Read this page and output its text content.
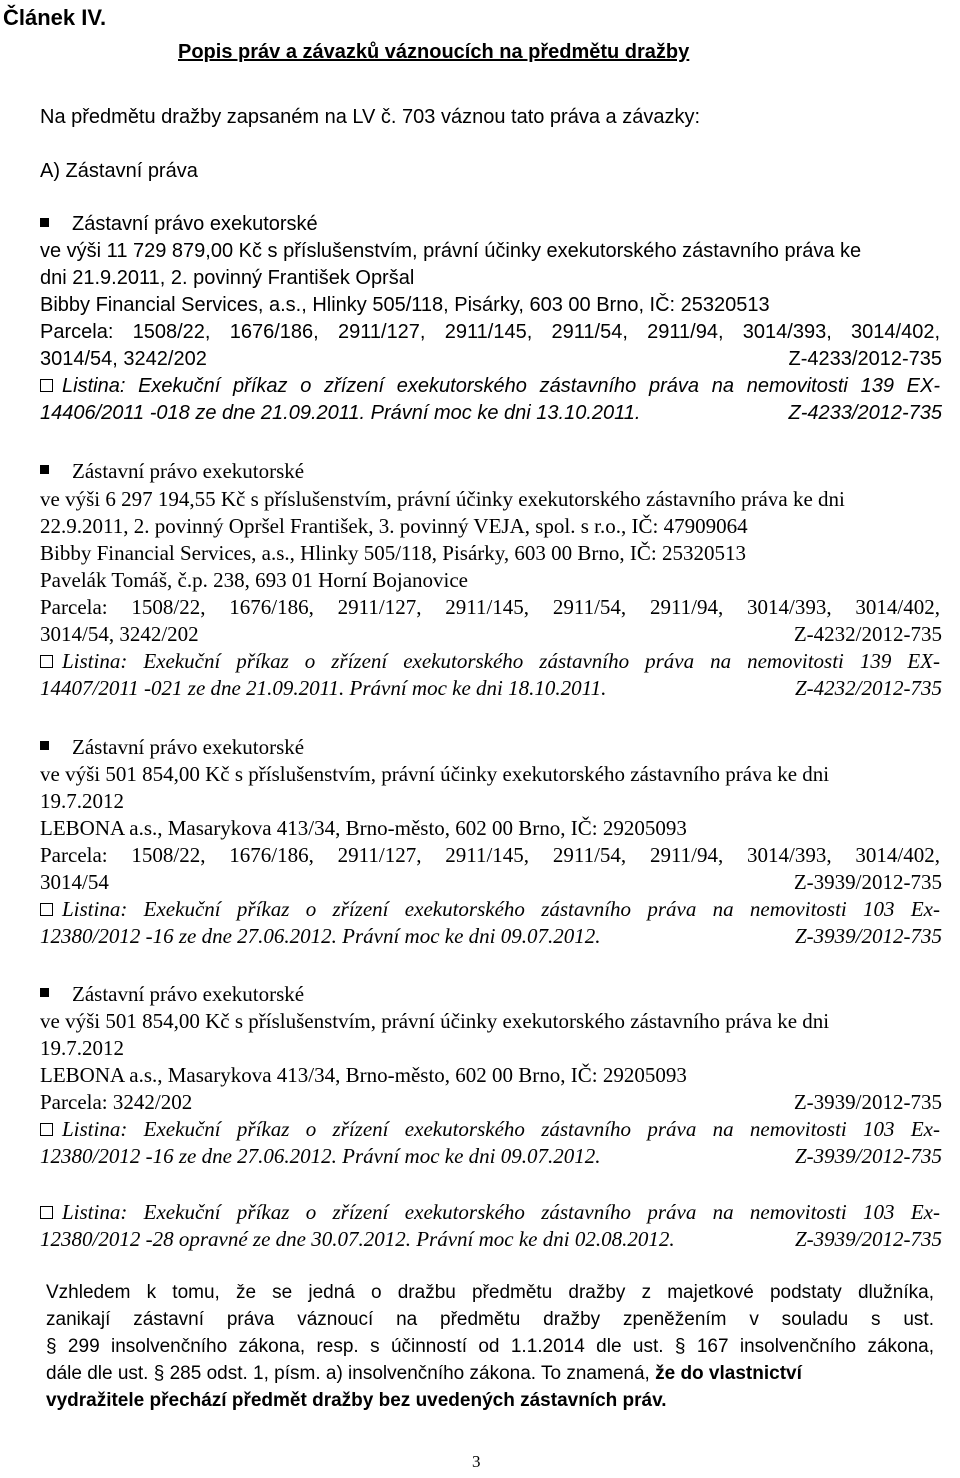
Článek IV.
Popis práv a závazků váznoucích na předmětu dražby
Na předmětu dražby zapsaném na LV č. 703 váznou tato práva a závazky:
A) Zástavní práva
Zástavní právo exekutorské
ve výši 11 729 879,00 Kč s příslušenstvím, právní účinky exekutorského zástavního práva ke
dni 21.9.2011, 2. povinný František Opršal
Bibby Financial Services, a.s., Hlinky 505/118, Pisárky, 603 00 Brno, IČ: 25320513
Parcela: 1508/22, 1676/186, 2911/127, 2911/145, 2911/54, 2911/94, 3014/393, 3014/402,
3014/54, 3242/202	Z-4233/2012-735
Listina: Exekuční příkaz o zřízení exekutorského zástavního práva na nemovitosti 139 EX-
14406/2011 -018 ze dne 21.09.2011. Právní moc ke dni 13.10.2011.	Z-4233/2012-735
Zástavní právo exekutorské
ve výši 6 297 194,55 Kč s příslušenstvím, právní účinky exekutorského zástavního práva ke dni
22.9.2011, 2. povinný Opršel František, 3. povinný VEJA, spol. s r.o., IČ: 47909064
Bibby Financial Services, a.s., Hlinky 505/118, Pisárky, 603 00 Brno, IČ: 25320513
Pavelák Tomáš, č.p. 238, 693 01 Horní Bojanovice
Parcela: 1508/22, 1676/186, 2911/127, 2911/145, 2911/54, 2911/94, 3014/393, 3014/402,
3014/54, 3242/202	Z-4232/2012-735
Listina: Exekuční příkaz o zřízení exekutorského zástavního práva na nemovitosti 139 EX-
14407/2011 -021 ze dne 21.09.2011. Právní moc ke dni 18.10.2011.	Z-4232/2012-735
Zástavní právo exekutorské
ve výši 501 854,00 Kč s příslušenstvím, právní účinky exekutorského zástavního práva ke dni
19.7.2012
LEBONA a.s., Masarykova 413/34, Brno-město, 602 00 Brno, IČ: 29205093
Parcela: 1508/22, 1676/186, 2911/127, 2911/145, 2911/54, 2911/94, 3014/393, 3014/402,
3014/54	Z-3939/2012-735
Listina: Exekuční příkaz o zřízení exekutorského zástavního práva na nemovitosti 103 Ex-
12380/2012 -16 ze dne 27.06.2012. Právní moc ke dni 09.07.2012.	Z-3939/2012-735
Zástavní právo exekutorské
ve výši 501 854,00 Kč s příslušenstvím, právní účinky exekutorského zástavního práva ke dni
19.7.2012
LEBONA a.s., Masarykova 413/34, Brno-město, 602 00 Brno, IČ: 29205093
Parcela: 3242/202	Z-3939/2012-735
Listina: Exekuční příkaz o zřízení exekutorského zástavního práva na nemovitosti 103 Ex-
12380/2012 -16 ze dne 27.06.2012. Právní moc ke dni 09.07.2012.	Z-3939/2012-735
Listina: Exekuční příkaz o zřízení exekutorského zástavního práva na nemovitosti 103 Ex-
12380/2012 -28 opravné ze dne 30.07.2012. Právní moc ke dni 02.08.2012.	Z-3939/2012-735
Vzhledem k tomu, že se jedná o dražbu předmětu dražby z majetkové podstaty dlužníka,
zanikají zástavní práva váznoucí na předmětu dražby zpeněžením v souladu s ust.
§ 299 insolvenčního zákona, resp. s účinností od 1.1.2014 dle ust. § 167 insolvenčního zákona,
dále dle ust. § 285 odst. 1, písm. a) insolvenčního zákona. To znamená, že do vlastnictví
vydražitele přechází předmět dražby bez uvedených zástavních práv.
3
